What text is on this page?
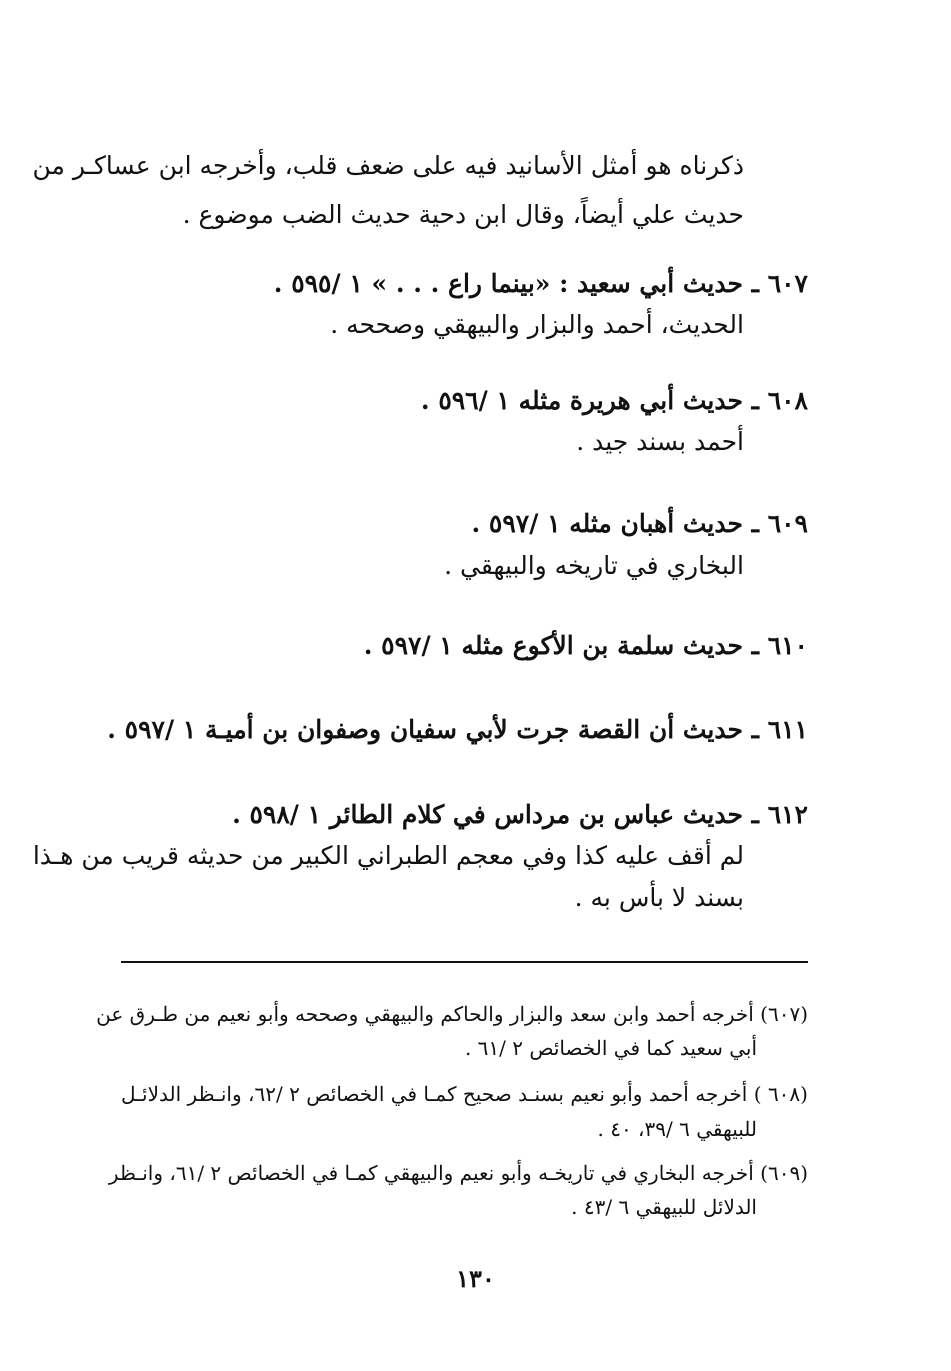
ذكرناه هو أمثل الأسانيد فيه على ضعف قلب، وأخرجه ابن عساكـر من
حديث علي أيضاً، وقال ابن دحية حديث الضب موضوع .
٦٠٧ ـ حديث أبي سعيد : «بينما راع . . . » ١ /٥٩٥ .
الحديث، أحمد والبزار والبيهقي وصححه .
٦٠٨ ـ حديث أبي هريرة مثله ١ /٥٩٦ .
أحمد بسند جيد .
٦٠٩ ـ حديث أهبان مثله ١ /٥٩٧ .
البخاري في تاريخه والبيهقي .
٦١٠ ـ حديث سلمة بن الأكوع مثله ١ /٥٩٧ .
٦١١ ـ حديث أن القصة جرت لأبي سفيان وصفوان بن أميـة ١ /٥٩٧ .
٦١٢ ـ حديث عباس بن مرداس في كلام الطائر ١ /٥٩٨ .
لم أقف عليه كذا وفي معجم الطبراني الكبير من حديثه قريب من هـذا
بسند لا بأس به .
(٦٠٧) أخرجه أحمد وابن سعد والبزار والحاكم والبيهقي وصححه وأبو نعيم من طـرق عن
أبي سعيد كما في الخصائص ٢ /٦١ .
(٦٠٨ ) أخرجه أحمد وأبو نعيم بسنـد صحيح كمـا في الخصائص ٢ /٦٢، وانـظر الدلائـل
للبيهقي ٦ /٣٩، ٤٠ .
(٦٠٩) أخرجه البخاري في تاريخـه وأبو نعيم والبيهقي كمـا في الخصائص ٢ /٦١، وانـظر
الدلائل للبيهقي ٦ /٤٣ .
١٣٠
